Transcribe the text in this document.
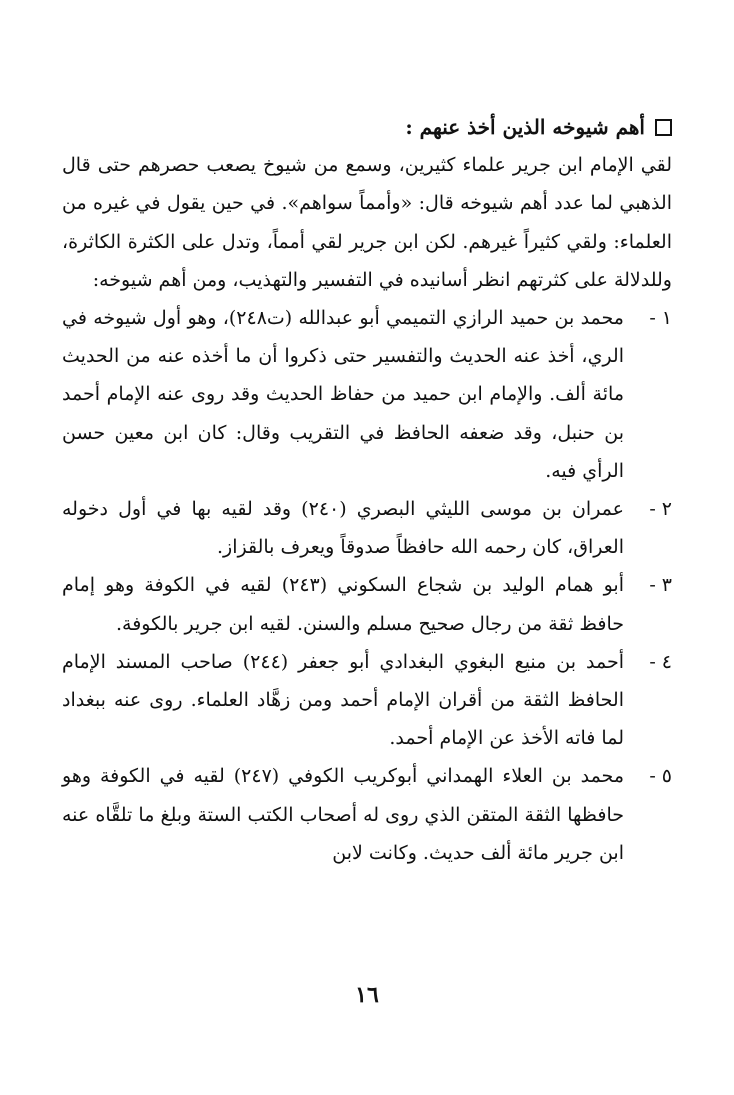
أهم شيوخه الذين أخذ عنهم :

لقي الإمام ابن جرير علماء كثيرين، وسمع من شيوخ يصعب حصرهم حتى قال الذهبي لما عدد أهم شيوخه قال: «وأمماً سواهم». في حين يقول في غيره من العلماء: ولقي كثيراً غيرهم. لكن ابن جرير لقي أمماً، وتدل على الكثرة الكاثرة، وللدلالة على كثرتهم انظر أسانيده في التفسير والتهذيب، ومن أهم شيوخه:

١ -
محمد بن حميد الرازي التميمي أبو عبدالله (ت٢٤٨)، وهو أول شيوخه في الري، أخذ عنه الحديث والتفسير حتى ذكروا أن ما أخذه عنه من الحديث مائة ألف. والإمام ابن حميد من حفاظ الحديث وقد روى عنه الإمام أحمد بن حنبل، وقد ضعفه الحافظ في التقريب وقال: كان ابن معين حسن الرأي فيه.
٢ -
عمران بن موسى الليثي البصري (٢٤٠) وقد لقيه بها في أول دخوله العراق، كان رحمه الله حافظاً صدوقاً ويعرف بالقزاز.
٣ -
أبو همام الوليد بن شجاع السكوني (٢٤٣) لقيه في الكوفة وهو إمام حافظ ثقة من رجال صحيح مسلم والسنن. لقيه ابن جرير بالكوفة.
٤ -
أحمد بن منيع البغوي البغدادي أبو جعفر (٢٤٤) صاحب المسند الإمام الحافظ الثقة من أقران الإمام أحمد ومن زهَّاد العلماء. روى عنه ببغداد لما فاته الأخذ عن الإمام أحمد.
٥ -
محمد بن العلاء الهمداني أبوكريب الكوفي (٢٤٧) لقيه في الكوفة وهو حافظها الثقة المتقن الذي روى له أصحاب الكتب الستة وبلغ ما تلقَّاه عنه ابن جرير مائة ألف حديث. وكانت لابن
١٦
